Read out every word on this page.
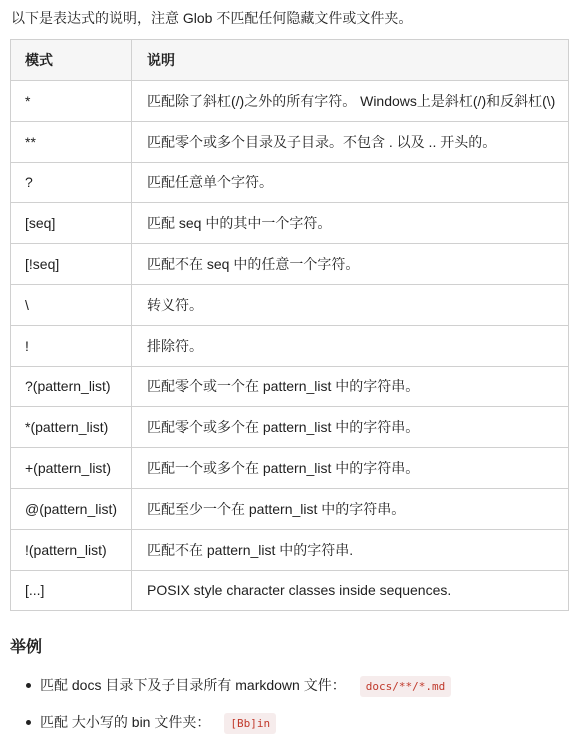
以下是表达式的说明，注意 Glob 不匹配任何隐藏文件或文件夹。
模式	说明
*	匹配除了斜杠(/)之外的所有字符。 Windows上是斜杠(/)和反斜杠(\)
**	匹配零个或多个目录及子目录。不包含 . 以及 .. 开头的。
?	匹配任意单个字符。
[seq]	匹配 seq 中的其中一个字符。
[!seq]	匹配不在 seq 中的任意一个字符。
\	转义符。
!	排除符。
?(pattern_list)	匹配零个或一个在 pattern_list 中的字符串。
*(pattern_list)	匹配零个或多个在 pattern_list 中的字符串。
+(pattern_list)	匹配一个或多个在 pattern_list 中的字符串。
@(pattern_list)	匹配至少一个在 pattern_list 中的字符串。
!(pattern_list)	匹配不在 pattern_list 中的字符串.
[...]	POSIX style character classes inside sequences.
举例
匹配 docs 目录下及子目录所有 markdown 文件： docs/**/*.md
匹配 大小写的 bin 文件夹： [Bb]in
